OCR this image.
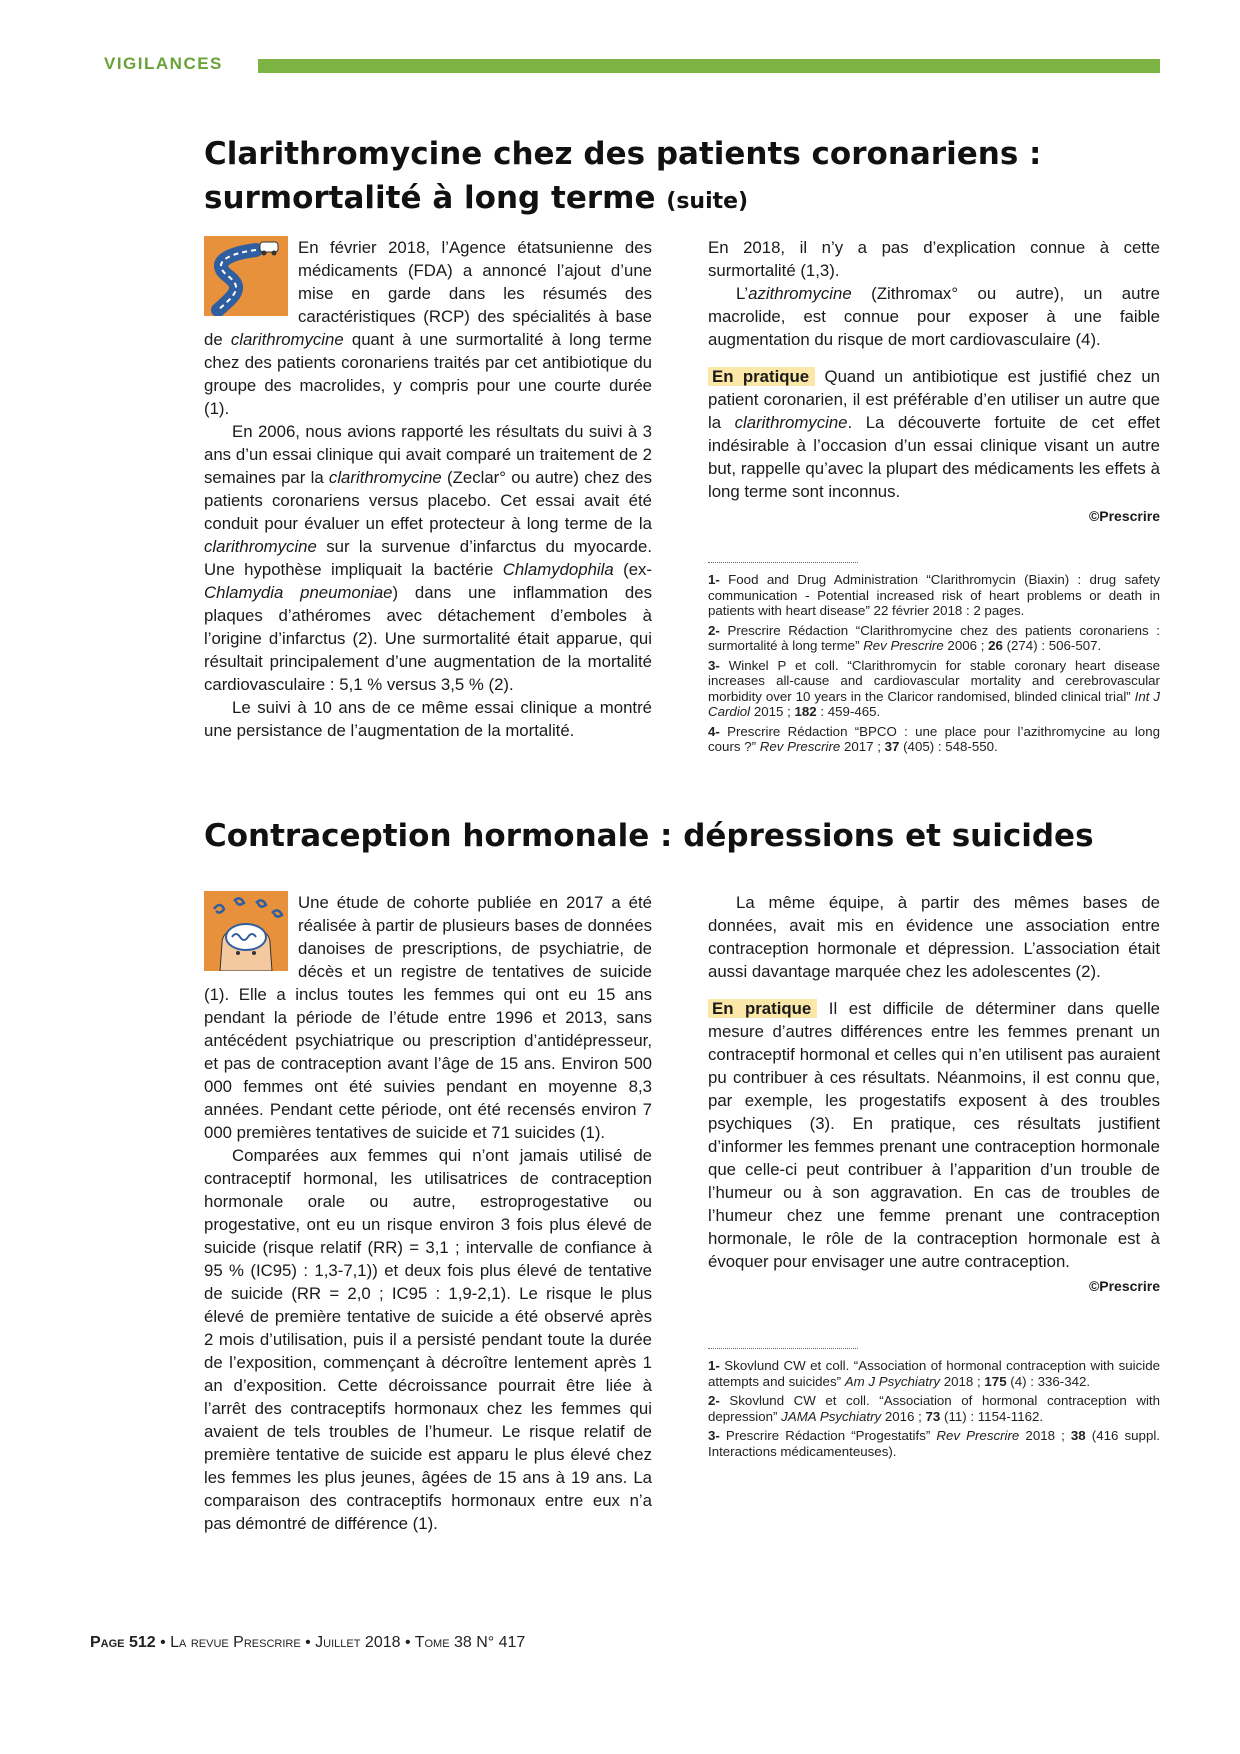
VIGILANCES
Clarithromycine chez des patients coronariens :
surmortalité à long terme (suite)

En février 2018, l’Agence étatsunienne des médicaments (FDA) a annoncé l’ajout d’une mise en garde dans les résumés des caractéristiques (RCP) des spécialités à base de clarithromycine quant à une surmortalité à long terme chez des patients coronariens traités par cet antibiotique du groupe des macrolides, y compris pour une courte durée (1).

En 2006, nous avions rapporté les résultats du suivi à 3 ans d’un essai clinique qui avait comparé un traitement de 2 semaines par la clarithromycine (Zeclar° ou autre) chez des patients coronariens versus placebo. Cet essai avait été conduit pour évaluer un effet protecteur à long terme de la clarithromycine sur la survenue d’infarctus du myocarde. Une hypothèse impliquait la bactérie Chlamydophila (ex-Chlamydia pneumoniae) dans une inflammation des plaques d’athéromes avec détachement d’emboles à l’origine d’infarctus (2). Une surmortalité était apparue, qui résultait principalement d’une augmentation de la mortalité cardiovasculaire : 5,1 % versus 3,5 % (2).

Le suivi à 10 ans de ce même essai clinique a montré une persistance de l’augmentation de la mortalité.

En 2018, il n’y a pas d’explication connue à cette surmortalité (1,3).

L’azithromycine (Zithromax° ou autre), un autre macrolide, est connue pour exposer à une faible augmentation du risque de mort cardiovasculaire (4).

En pratique Quand un antibiotique est justifié chez un patient coronarien, il est préférable d’en utiliser un autre que la clarithromycine. La découverte fortuite de cet effet indésirable à l’occasion d’un essai clinique visant un autre but, rappelle qu’avec la plupart des médicaments les effets à long terme sont inconnus.

©Prescrire

1- Food and Drug Administration “Clarithromycin (Biaxin) : drug safety communication - Potential increased risk of heart problems or death in patients with heart disease” 22 février 2018 : 2 pages.

2- Prescrire Rédaction “Clarithromycine chez des patients coronariens : surmortalité à long terme” Rev Prescrire 2006 ; 26 (274) : 506-507.

3- Winkel P et coll. “Clarithromycin for stable coronary heart disease increases all-cause and cardiovascular mortality and cerebrovascular morbidity over 10 years in the Claricor randomised, blinded clinical trial” Int J Cardiol 2015 ; 182 : 459-465.

4- Prescrire Rédaction “BPCO : une place pour l’azithromycine au long cours ?” Rev Prescrire 2017 ; 37 (405) : 548-550.

Contraception hormonale : dépressions et suicides

Une étude de cohorte publiée en 2017 a été réalisée à partir de plusieurs bases de données danoises de prescriptions, de psychiatrie, de décès et un registre de tentatives de suicide (1). Elle a inclus toutes les femmes qui ont eu 15 ans pendant la période de l’étude entre 1996 et 2013, sans antécédent psychiatrique ou prescription d’antidépresseur, et pas de contraception avant l’âge de 15 ans. Environ 500 000 femmes ont été suivies pendant en moyenne 8,3 années. Pendant cette période, ont été recensés environ 7 000 premières tentatives de suicide et 71 suicides (1).

Comparées aux femmes qui n’ont jamais utilisé de contraceptif hormonal, les utilisatrices de contraception hormonale orale ou autre, estroprogestative ou progestative, ont eu un risque environ 3 fois plus élevé de suicide (risque relatif (RR) = 3,1 ; intervalle de confiance à 95 % (IC95) : 1,3-7,1)) et deux fois plus élevé de tentative de suicide (RR = 2,0 ; IC95 : 1,9-2,1). Le risque le plus élevé de première tentative de suicide a été observé après 2 mois d’utilisation, puis il a persisté pendant toute la durée de l’exposition, commençant à décroître lentement après 1 an d’exposition. Cette décroissance pourrait être liée à l’arrêt des contraceptifs hormonaux chez les femmes qui avaient de tels troubles de l’humeur. Le risque relatif de première tentative de suicide est apparu le plus élevé chez les femmes les plus jeunes, âgées de 15 ans à 19 ans. La comparaison des contraceptifs hormonaux entre eux n’a pas démontré de différence (1).

La même équipe, à partir des mêmes bases de données, avait mis en évidence une association entre contraception hormonale et dépression. L’association était aussi davantage marquée chez les adolescentes (2).

En pratique Il est difficile de déterminer dans quelle mesure d’autres différences entre les femmes prenant un contraceptif hormonal et celles qui n’en utilisent pas auraient pu contribuer à ces résultats. Néanmoins, il est connu que, par exemple, les progestatifs exposent à des troubles psychiques (3). En pratique, ces résultats justifient d’informer les femmes prenant une contraception hormonale que celle-ci peut contribuer à l’apparition d’un trouble de l’humeur ou à son aggravation. En cas de troubles de l’humeur chez une femme prenant une contraception hormonale, le rôle de la contraception hormonale est à évoquer pour envisager une autre contraception.

©Prescrire

1- Skovlund CW et coll. “Association of hormonal contraception with suicide attempts and suicides” Am J Psychiatry 2018 ; 175 (4) : 336-342.

2- Skovlund CW et coll. “Association of hormonal contraception with depression” JAMA Psychiatry 2016 ; 73 (11) : 1154-1162.

3- Prescrire Rédaction “Progestatifs” Rev Prescrire 2018 ; 38 (416 suppl. Interactions médicamenteuses).

Page 512 • La revue Prescrire • Juillet 2018 • Tome 38 N° 417
